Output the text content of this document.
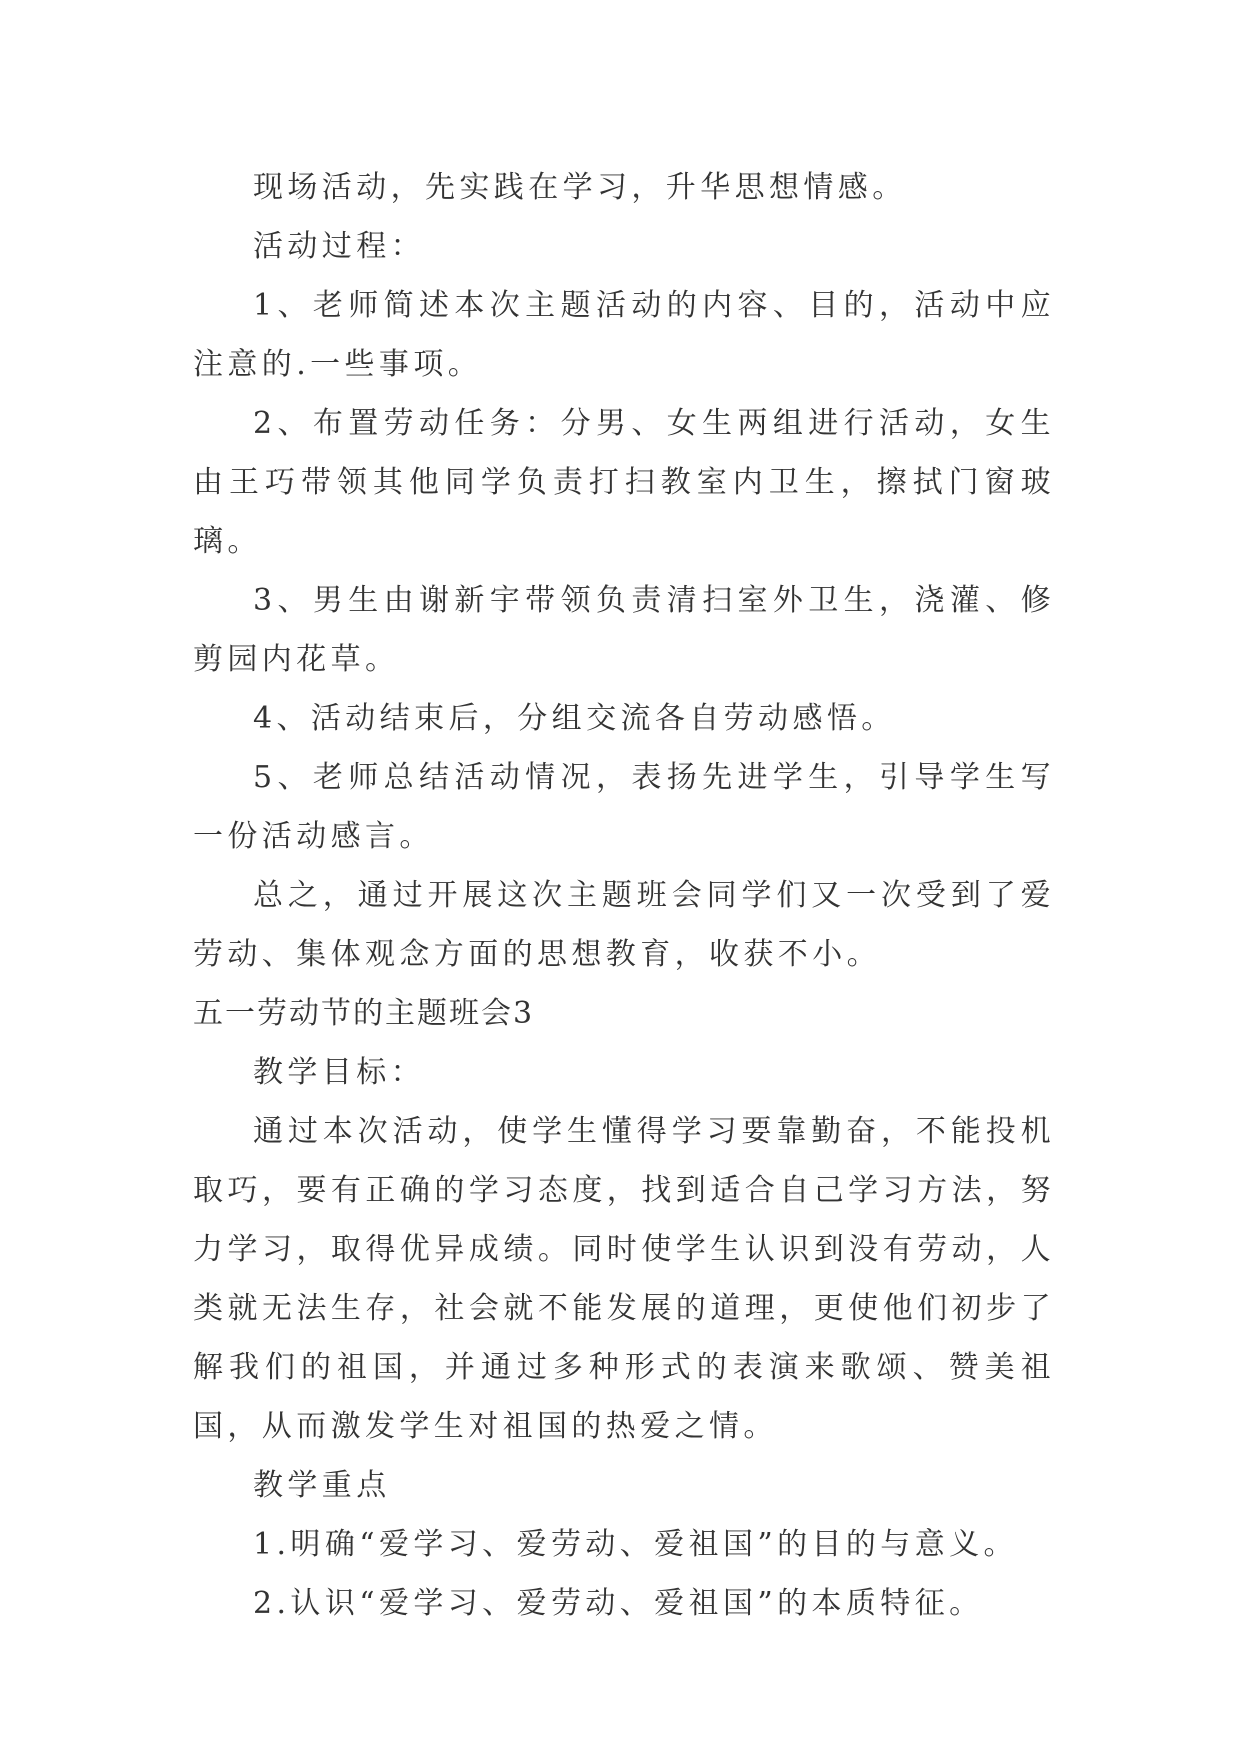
现场活动，先实践在学习，升华思想情感。

活动过程：

1、老师简述本次主题活动的内容、目的，活动中应注意的.一些事项。

2、布置劳动任务：分男、女生两组进行活动，女生由王巧带领其他同学负责打扫教室内卫生，擦拭门窗玻璃。

3、男生由谢新宇带领负责清扫室外卫生，浇灌、修剪园内花草。

4、活动结束后，分组交流各自劳动感悟。

5、老师总结活动情况，表扬先进学生，引导学生写一份活动感言。

总之，通过开展这次主题班会同学们又一次受到了爱劳动、集体观念方面的思想教育，收获不小。

五一劳动节的主题班会3

教学目标：

通过本次活动，使学生懂得学习要靠勤奋，不能投机取巧，要有正确的学习态度，找到适合自己学习方法，努力学习，取得优异成绩。同时使学生认识到没有劳动，人类就无法生存，社会就不能发展的道理，更使他们初步了解我们的祖国，并通过多种形式的表演来歌颂、赞美祖国，从而激发学生对祖国的热爱之情。

教学重点

1.明确“爱学习、爱劳动、爱祖国”的目的与意义。

2.认识“爱学习、爱劳动、爱祖国”的本质特征。
